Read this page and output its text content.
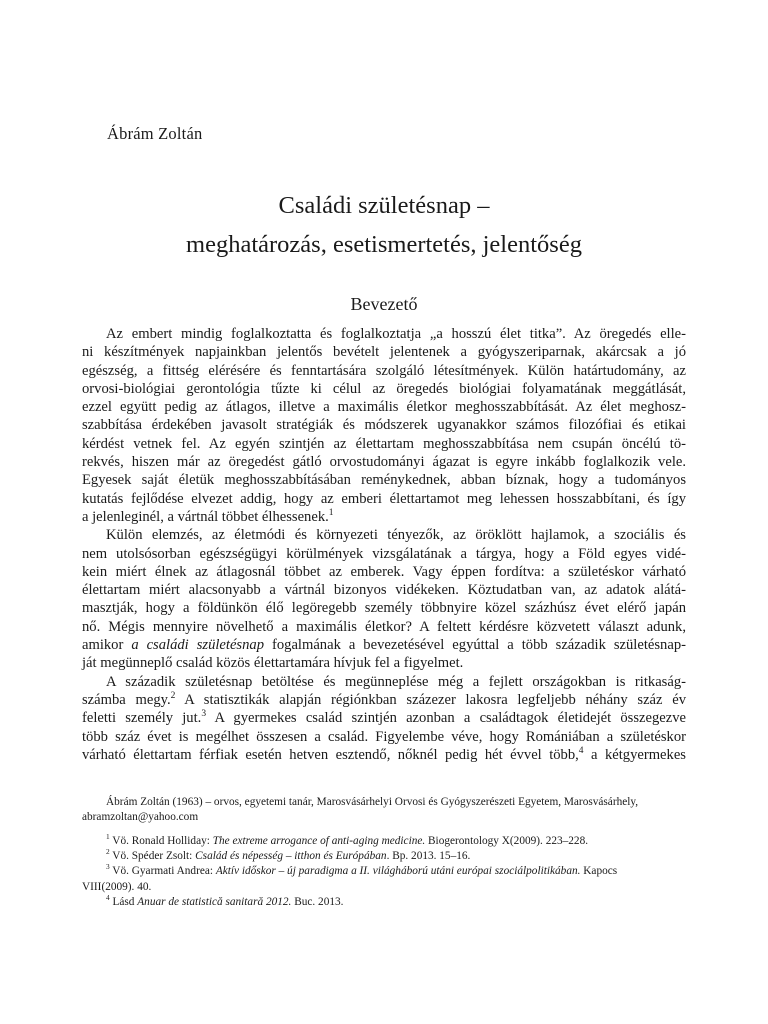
Ábrám Zoltán
Családi születésnap –
meghatározás, esetismertetés, jelentőség
Bevezető
Az embert mindig foglalkoztatta és foglalkoztatja „a hosszú élet titka”. Az öregedés elle-
ni készítmények napjainkban jelentős bevételt jelentenek a gyógyszeriparnak, akárcsak a jó
egészség, a fittség elérésére és fenntartására szolgáló létesítmények. Külön határtudomány, az
orvosi-biológiai gerontológia tűzte ki célul az öregedés biológiai folyamatának meggátlását,
ezzel együtt pedig az átlagos, illetve a maximális életkor meghosszabbítását. Az élet meghosz-
szabbítása érdekében javasolt stratégiák és módszerek ugyanakkor számos filozófiai és etikai
kérdést vetnek fel. Az egyén szintjén az élettartam meghosszabbítása nem csupán öncélú tö-
rekvés, hiszen már az öregedést gátló orvostudományi ágazat is egyre inkább foglalkozik vele.
Egyesek saját életük meghosszabbításában reménykednek, abban bíznak, hogy a tudományos
kutatás fejlődése elvezet addig, hogy az emberi élettartamot meg lehessen hosszabbítani, és így
a jelenleginél, a vártnál többet élhessenek.$^1$
Külön elemzés, az életmódi és környezeti tényezők, az öröklött hajlamok, a szociális és
nem utolsósorban egészségügyi körülmények vizsgálatának a tárgya, hogy a Föld egyes vidé-
kein miért élnek az átlagosnál többet az emberek. Vagy éppen fordítva: a születéskor várható
élettartam miért alacsonyabb a vártnál bizonyos vidékeken. Köztudatban van, az adatok alátá-
masztják, hogy a földünkön élő legöregebb személy többnyire közel százhúsz évet elérő japán
nő. Mégis mennyire növelhető a maximális életkor? A feltett kérdésre közvetett választ adunk,
amikor a családi születésnap fogalmának a bevezetésével egyúttal a több századik születésnap-
ját megünneplő család közös élettartamára hívjuk fel a figyelmet.
A századik születésnap betöltése és megünneplése még a fejlett országokban is ritkaság-
számba megy.$^2$ A statisztikák alapján régiónkban százezer lakosra legfeljebb néhány száz év
feletti személy jut.$^3$ A gyermekes család szintjén azonban a családtagok életidejét összegezve
több száz évet is megélhet összesen a család. Figyelembe véve, hogy Romániában a születéskor
várható élettartam férfiak esetén hetven esztendő, nőknél pedig hét évvel több,$^4$ a kétgyermekes
Ábrám Zoltán (1963) – orvos, egyetemi tanár, Marosvásárhelyi Orvosi és Gyógyszerészeti Egyetem, Marosvásárhely,
abramzoltan@yahoo.com
$^1$ Vö. Ronald Holliday: The extreme arrogance of anti-aging medicine. Biogerontology X(2009). 223–228.
$^2$ Vö. Spéder Zsolt: Család és népesség – itthon és Európában. Bp. 2013. 15–16.
$^3$ Vö. Gyarmati Andrea: Aktív időskor – új paradigma a II. világháború utáni európai szociálpolitikában. Kapocs
VIII(2009). 40.
$^4$ Lásd Anuar de statistică sanitară 2012. Buc. 2013.
